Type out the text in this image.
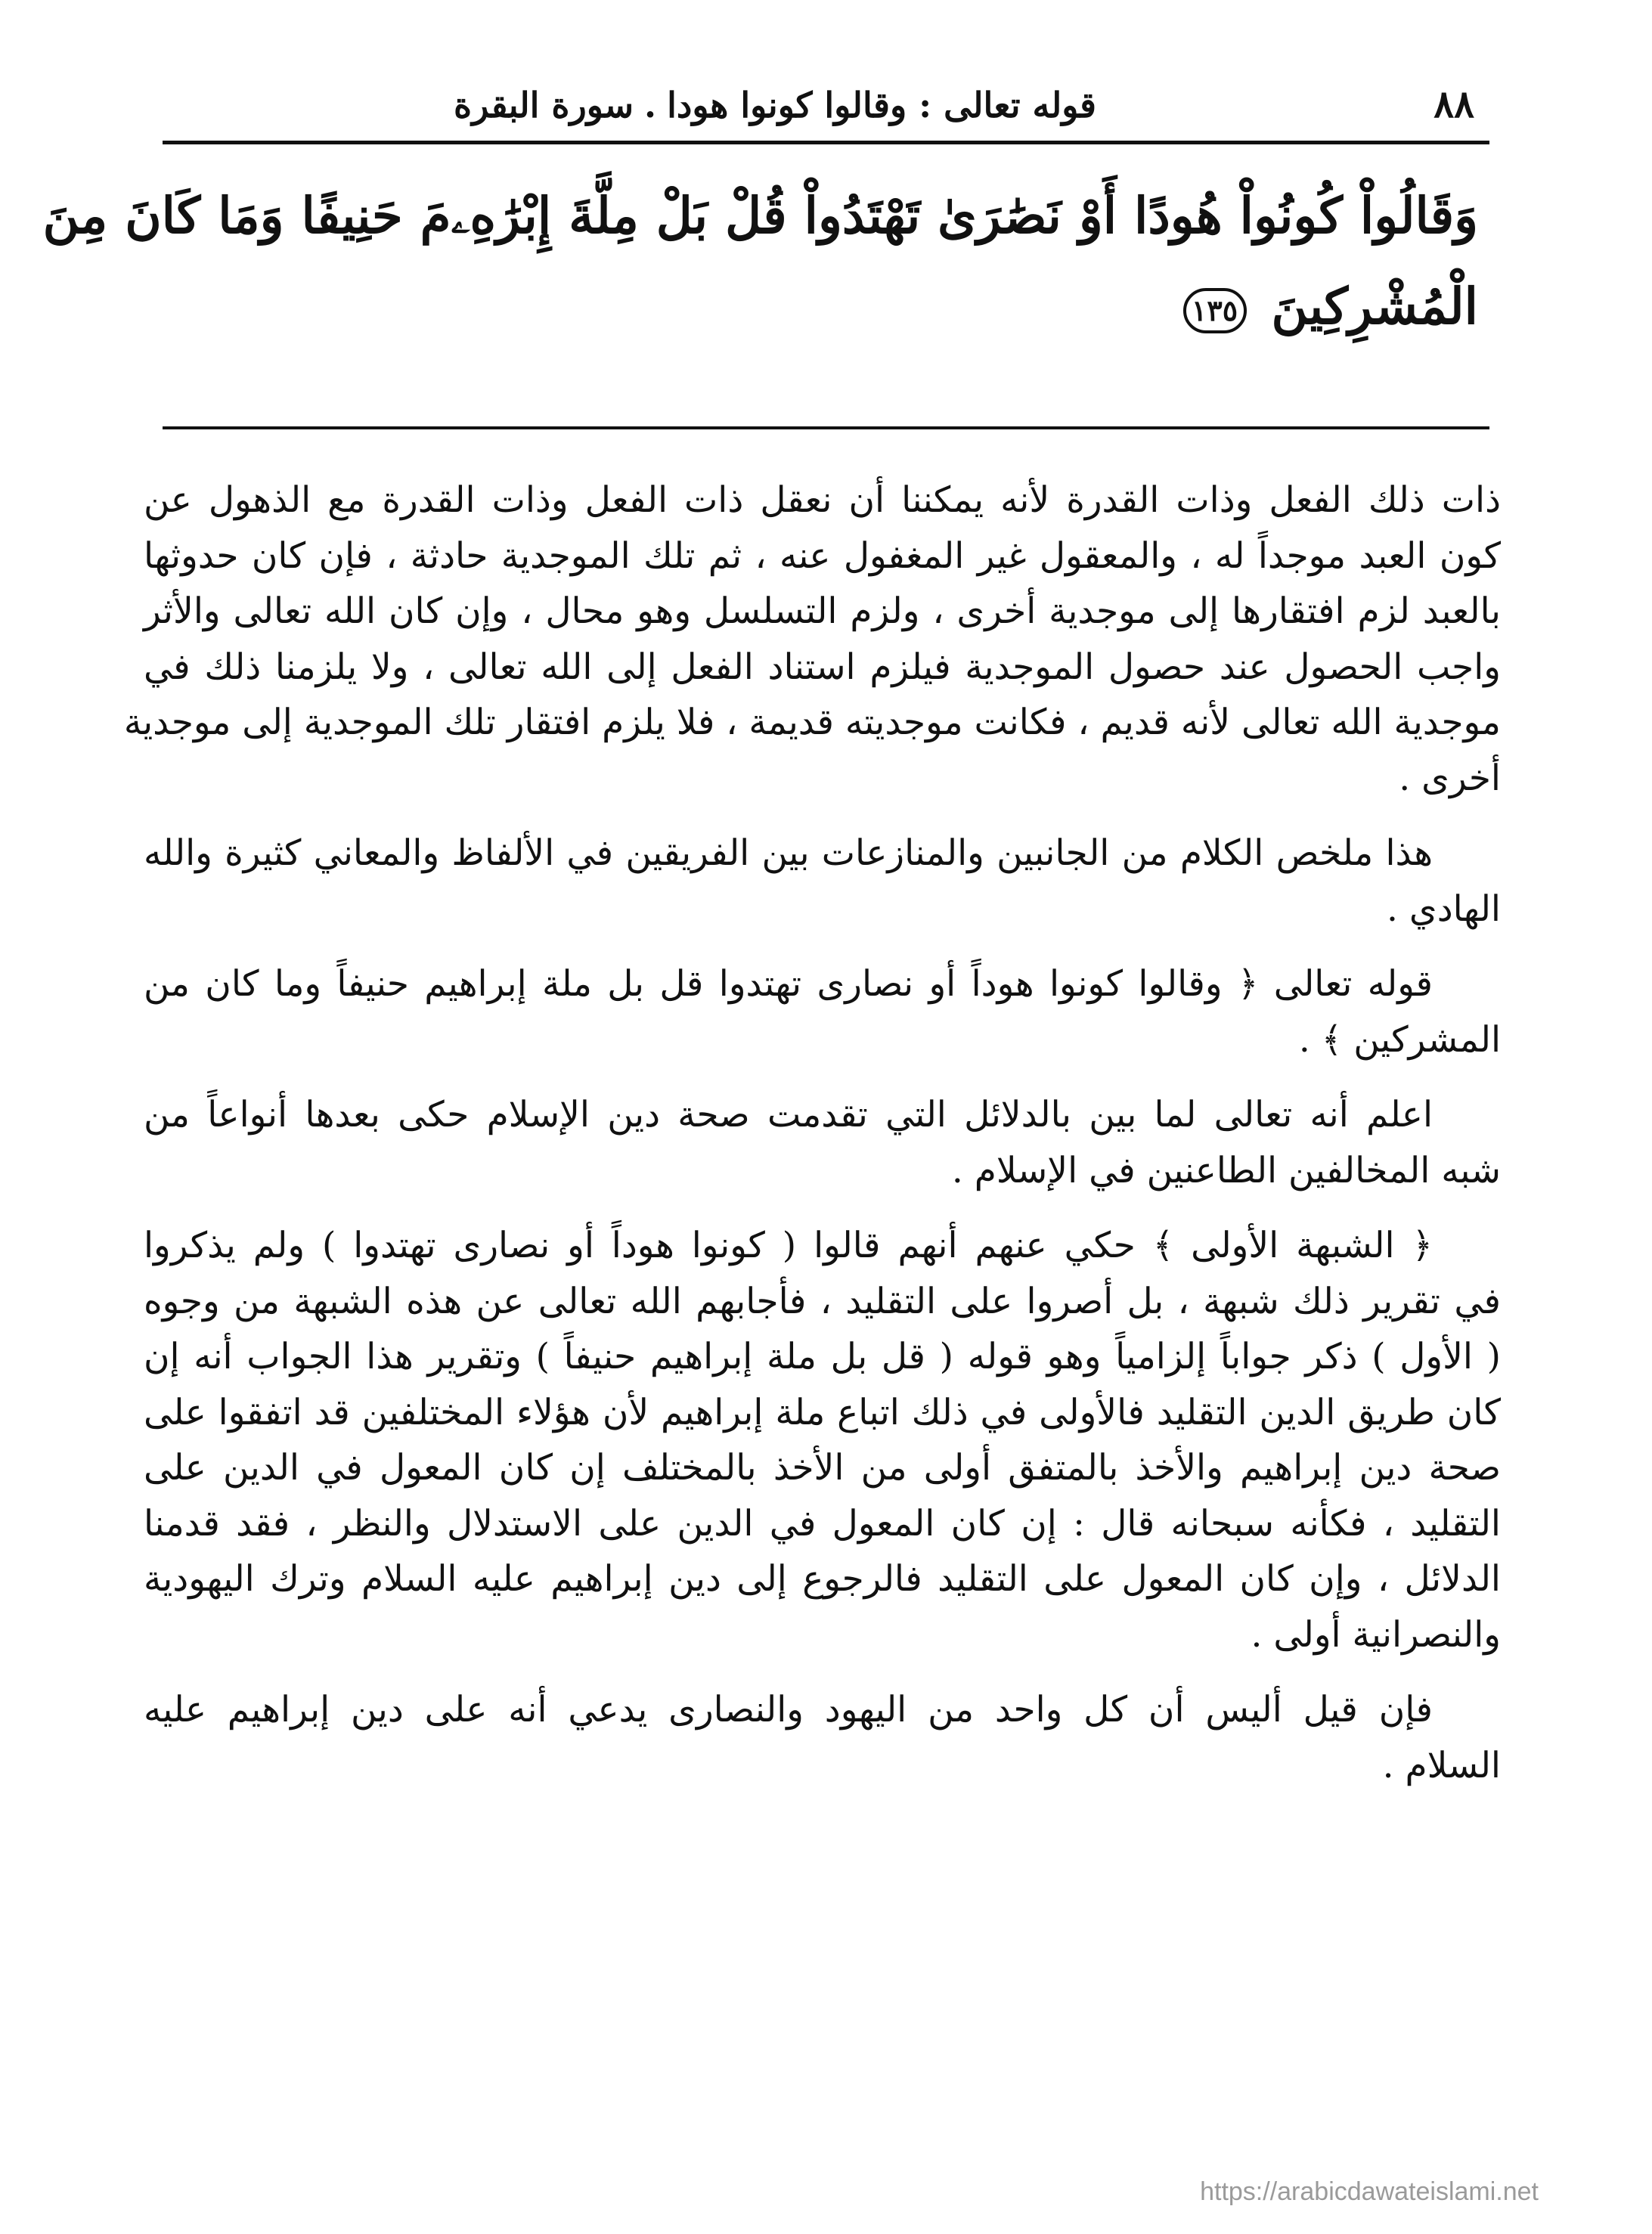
٨٨
قوله تعالى : وقالوا كونوا هودا.سورة البقرة
وَقَالُواْ كُونُواْ هُودًا أَوْ نَصَٰرَىٰ تَهْتَدُواْ قُلْ بَلْ مِلَّةَ إِبْرَٰهِۦمَ حَنِيفًا وَمَا كَانَ مِنَ
الْمُشْرِكِينَ ١٣٥
ذات ذلك الفعل وذات القدرة لأنه يمكننا أن نعقل ذات الفعل وذات القدرة مع الذهول عن
كون العبد موجداً له ، والمعقول غير المغفول عنه ، ثم تلك الموجدية حادثة ، فإن كان حدوثها
بالعبد لزم افتقارها إلى موجدية أخرى ، ولزم التسلسل وهو محال ، وإن كان الله تعالى والأثر
واجب الحصول عند حصول الموجدية فيلزم استناد الفعل إلى الله تعالى ، ولا يلزمنا ذلك في
موجدية الله تعالى لأنه قديم ، فكانت موجديته قديمة ، فلا يلزم افتقار تلك الموجدية إلى موجدية
أخرى .
هذا ملخص الكلام من الجانبين والمنازعات بين الفريقين في الألفاظ والمعاني كثيرة والله
الهادي .
قوله تعالى ﴿ وقالوا كونوا هوداً أو نصارى تهتدوا قل بل ملة إبراهيم حنيفاً وما كان من
المشركين ﴾ .
اعلم أنه تعالى لما بين بالدلائل التي تقدمت صحة دين الإسلام حكى بعدها أنواعاً من
شبه المخالفين الطاعنين في الإسلام .
﴿ الشبهة الأولى ﴾ حكي عنهم أنهم قالوا ( كونوا هوداً أو نصارى تهتدوا ) ولم يذكروا
في تقرير ذلك شبهة ، بل أصروا على التقليد ، فأجابهم الله تعالى عن هذه الشبهة من وجوه
( الأول ) ذكر جواباً إلزامياً وهو قوله ( قل بل ملة إبراهيم حنيفاً ) وتقرير هذا الجواب أنه إن
كان طريق الدين التقليد فالأولى في ذلك اتباع ملة إبراهيم لأن هؤلاء المختلفين قد اتفقوا على
صحة دين إبراهيم والأخذ بالمتفق أولى من الأخذ بالمختلف إن كان المعول في الدين على
التقليد ، فكأنه سبحانه قال : إن كان المعول في الدين على الاستدلال والنظر ، فقد قدمنا
الدلائل ، وإن كان المعول على التقليد فالرجوع إلى دين إبراهيم عليه السلام وترك اليهودية
والنصرانية أولى .
فإن قيل أليس أن كل واحد من اليهود والنصارى يدعي أنه على دين إبراهيم عليه
السلام .
https://arabicdawateislami.net
